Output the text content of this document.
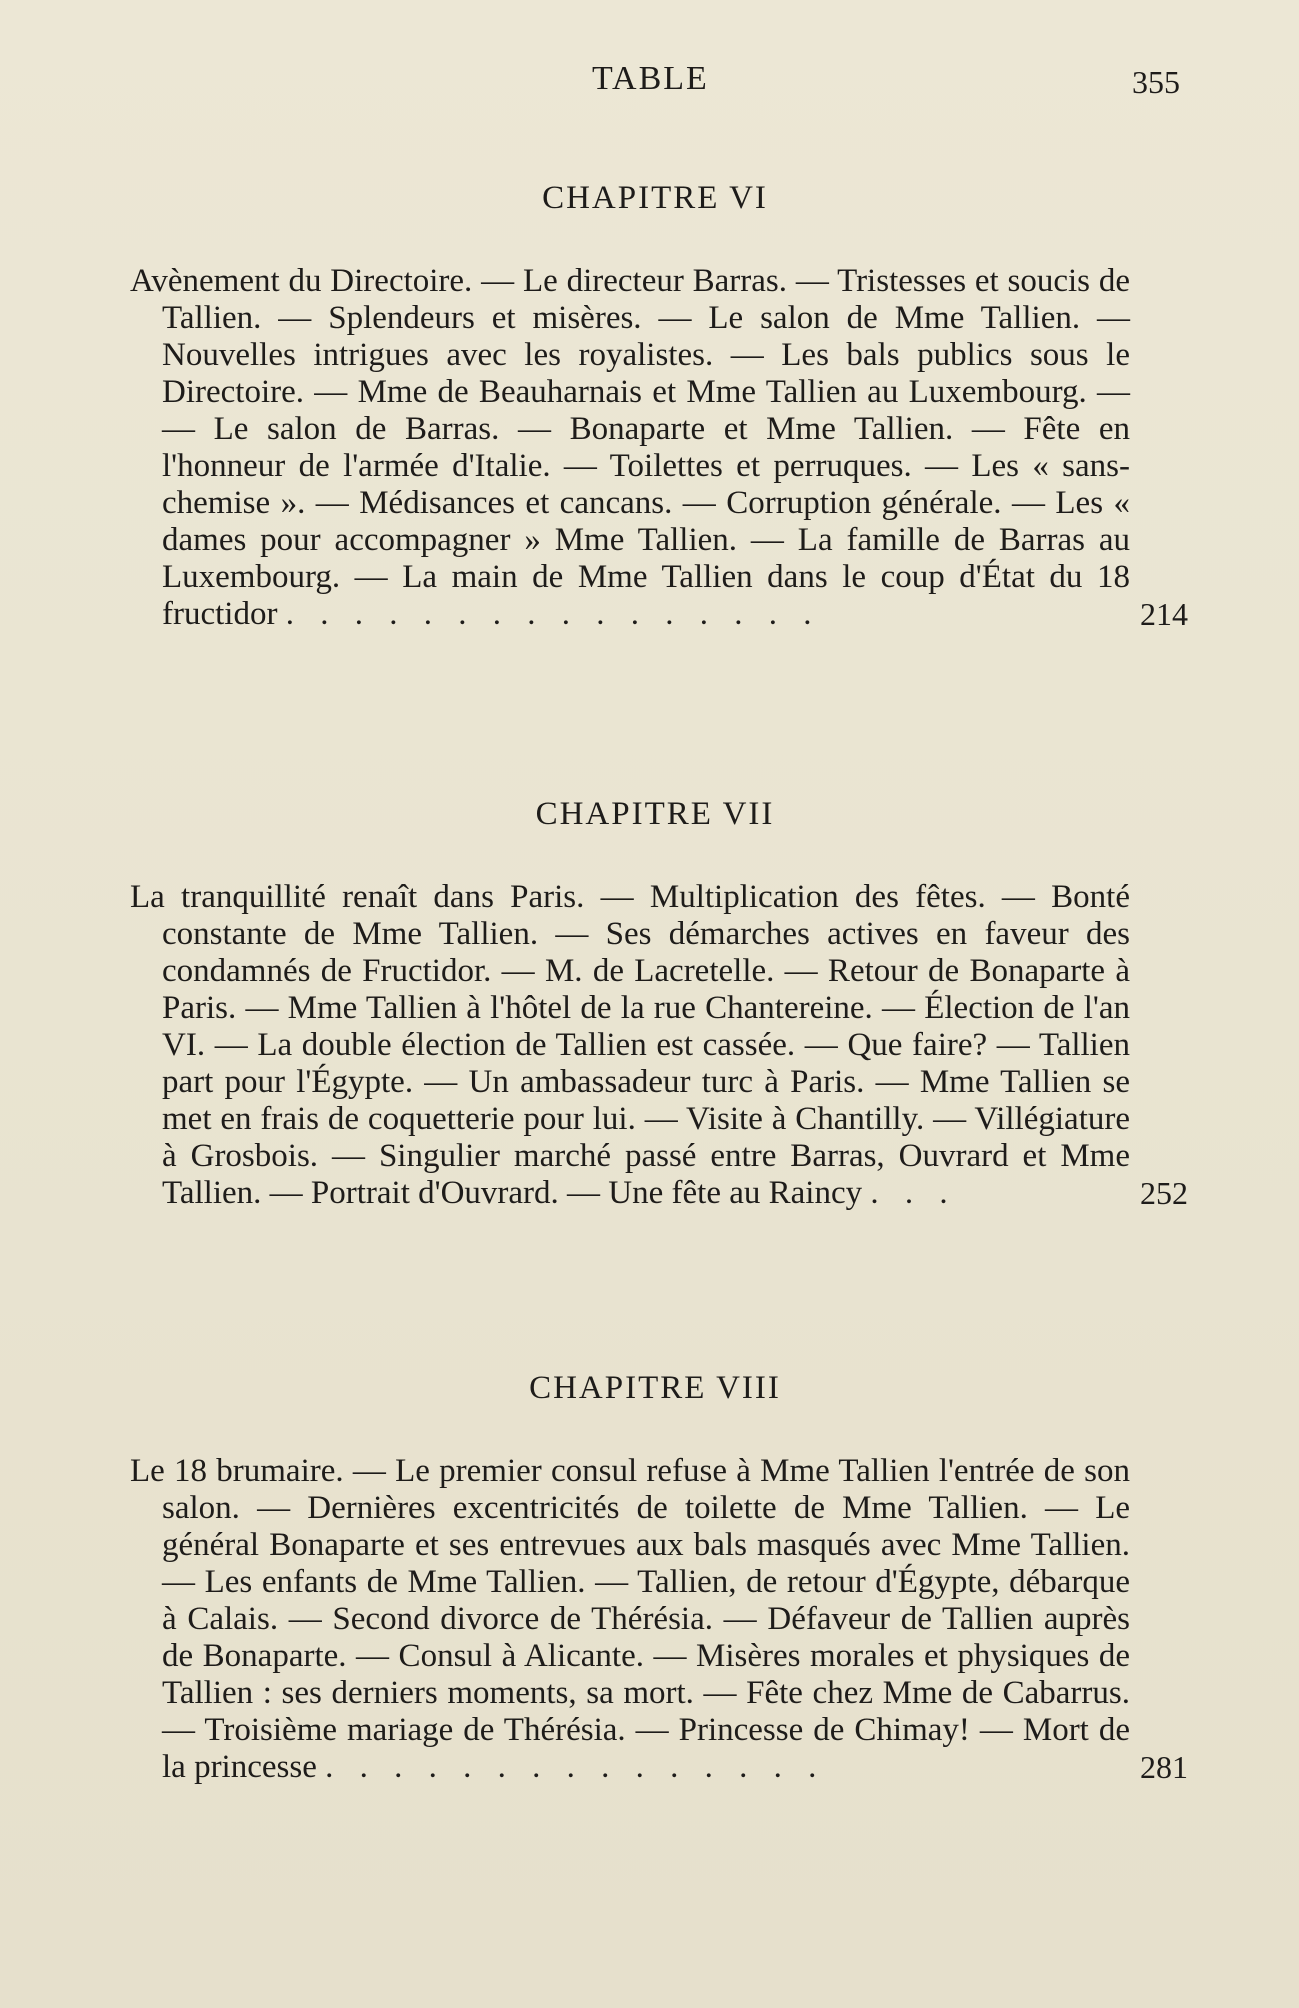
TABLE	355
CHAPITRE VI
Avènement du Directoire. — Le directeur Barras. — Tristesses et soucis de Tallien. — Splendeurs et misères. — Le salon de Mme Tallien. — Nouvelles intrigues avec les royalistes. — Les bals publics sous le Directoire. — Mme de Beauharnais et Mme Tallien au Luxembourg. — — Le salon de Barras. — Bonaparte et Mme Tallien. — Fête en l'honneur de l'armée d'Italie. — Toilettes et perruques. — Les « sans-chemise ». — Médisances et cancans. — Corruption générale. — Les « dames pour accompagner » Mme Tallien. — La famille de Barras au Luxembourg. — La main de Mme Tallien dans le coup d'État du 18 fructidor . . . . . . . . . . . . . . . .	214
CHAPITRE VII
La tranquillité renaît dans Paris. — Multiplication des fêtes. — Bonté constante de Mme Tallien. — Ses démarches actives en faveur des condamnés de Fructidor. — M. de Lacretelle. — Retour de Bonaparte à Paris. — Mme Tallien à l'hôtel de la rue Chantereine. — Élection de l'an VI. — La double élection de Tallien est cassée. — Que faire? — Tallien part pour l'Égypte. — Un ambassadeur turc à Paris. — Mme Tallien se met en frais de coquetterie pour lui. — Visite à Chantilly. — Villégiature à Grosbois. — Singulier marché passé entre Barras, Ouvrard et Mme Tallien. — Portrait d'Ouvrard. — Une fête au Raincy . . .	252
CHAPITRE VIII
Le 18 brumaire. — Le premier consul refuse à Mme Tallien l'entrée de son salon. — Dernières excentricités de toilette de Mme Tallien. — Le général Bonaparte et ses entrevues aux bals masqués avec Mme Tallien. — Les enfants de Mme Tallien. — Tallien, de retour d'Égypte, débarque à Calais. — Second divorce de Thérésia. — Défaveur de Tallien auprès de Bonaparte. — Consul à Alicante. — Misères morales et physiques de Tallien : ses derniers moments, sa mort. — Fête chez Mme de Cabarrus. — Troisième mariage de Thérésia. — Princesse de Chimay! — Mort de la princesse . . . . . . . . . . . . . . .	281
